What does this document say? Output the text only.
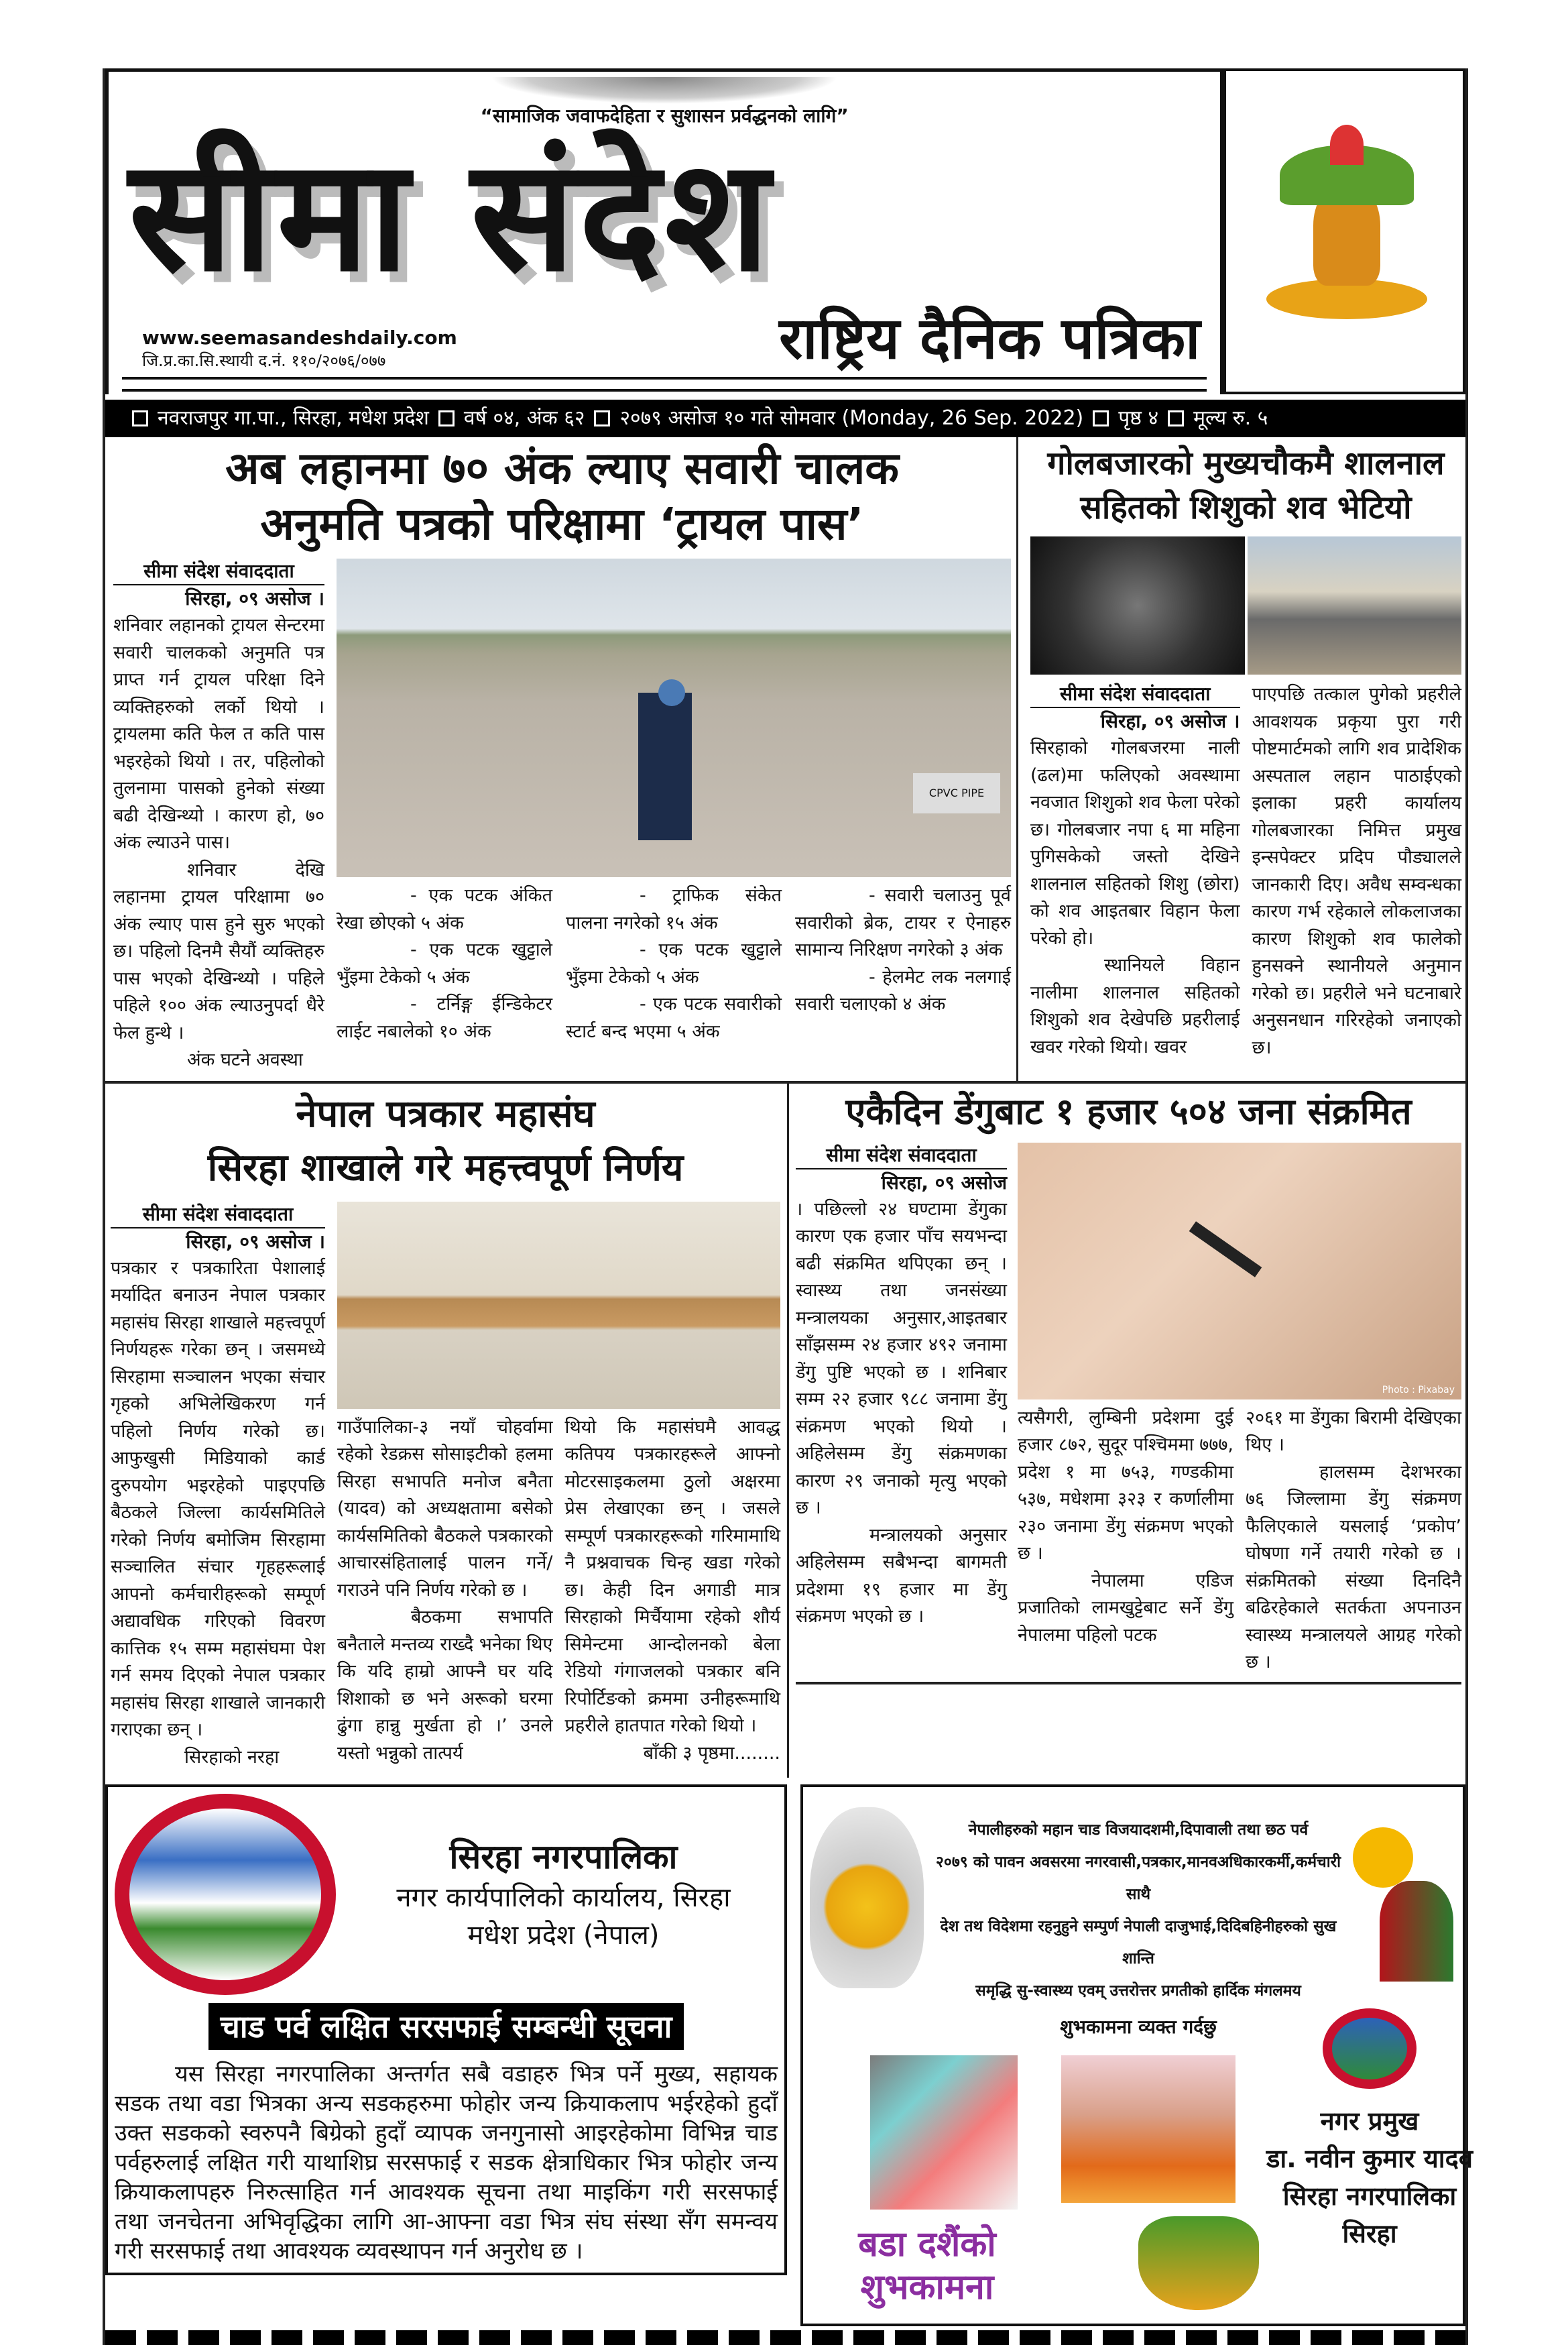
“सामाजिक जवाफदेहिता र सुशासन प्रर्वद्धनको लागि”
सीमा संदेश
www.seemasandeshdaily.com
जि.प्र.का.सि.स्थायी द.नं. ११०/२०७६/०७७	राष्ट्रिय दैनिक पत्रिका
नवराजपुर गा.पा., सिरहा, मधेश प्रदेश वर्ष ०४, अंक ६२ २०७९ असोज १० गते सोमवार (Monday, 26 Sep. 2022) पृष्ठ ४ मूल्य रु. ५
अब लहानमा ७० अंक ल्याए सवारी चालक
अनुमति पत्रको परिक्षामा ‘ट्रायल पास’
सीमा संदेश संवाददाता
सिरहा, ०९ असोज ।

शनिवार लहानको ट्रायल सेन्टरमा सवारी चालकको अनुमति पत्र प्राप्त गर्न ट्रायल परिक्षा दिने व्यक्तिहरुको लर्को थियो । ट्रायलमा कति फेल त कति पास भइरहेको थियो । तर, पहिलोको तुलनामा पासको हुनेको संख्या बढी देखिन्थ्यो । कारण हो, ७० अंक ल्याउने पास।

शनिवार देखि लहानमा ट्रायल परिक्षामा ७० अंक ल्याए पास हुने सुरु भएको छ। पहिलो दिनमै सैयौं व्यक्तिहरु पास भएको देखिन्थ्यो । पहिले पहिले १०० अंक ल्याउनुपर्दा धैरे फेल हुन्थे ।

अंक घटने अवस्था

CPVC PIPE

- एक पटक अंकित रेखा छोएको ५ अंक

- एक पटक खुट्टाले भुँइमा टेकेको ५ अंक

- टर्निङ्ग ईन्डिकेटर लाईट नबालेको १० अंक

- ट्राफिक संकेत पालना नगरेको १५ अंक

- एक पटक खुट्टाले भुँइमा टेकेको ५ अंक

- एक पटक सवारीको स्टार्ट बन्द भएमा ५ अंक

- सवारी चलाउनु पूर्व सवारीको ब्रेक, टायर र ऐनाहरु सामान्य निरिक्षण नगरेको ३ अंक

- हेलमेट लक नलगाई सवारी चलाएको ४ अंक

गोलबजारको मुख्यचौकमै शालनाल
सहितको शिशुको शव भेटियो
सीमा संदेश संवाददाता
सिरहा, ०९ असोज ।

सिरहाको गोलबजरमा नाली (ढल)मा फलिएको अवस्थामा नवजात शिशुको शव फेला परेको छ। गोलबजार नपा ६ मा महिना पुगिसकेको जस्तो देखिने शालनाल सहितको शिशु (छोरा) को शव आइतबार विहान फेला परेको हो।

स्थानियले विहान नालीमा शालनाल सहितको शिशुको शव देखेपछि प्रहरीलाई खवर गरेको थियो। खवर

पाएपछि तत्काल पुगेको प्रहरीले आवशयक प्रकृया पुरा गरी पोष्टमार्टमको लागि शव प्रादेशिक अस्पताल लहान पाठाईएको इलाका प्रहरी कार्यालय गोलबजारका निमित्त प्रमुख इन्सपेक्टर प्रदिप पौड्यालले जानकारी दिए। अवैध सम्वन्धका कारण गर्भ रहेकाले लोकलाजका कारण शिशुको शव फालेको हुनसक्ने स्थानीयले अनुमान गरेको छ। प्रहरीले भने घटनाबारे अनुसनधान गरिरहेको जनाएको छ।

नेपाल पत्रकार महासंघ
सिरहा शाखाले गरे महत्त्वपूर्ण निर्णय
सीमा संदेश संवाददाता
सिरहा, ०९ असोज ।

पत्रकार र पत्रकारिता पेशालाई मर्यादित बनाउन नेपाल पत्रकार महासंघ सिरहा शाखाले महत्त्वपूर्ण निर्णयहरू गरेका छन् । जसमध्ये सिरहामा सञ्चालन भएका संचार गृहको अभिलेखिकरण गर्न पहिलो निर्णय गरेको छ। आफुखुसी मिडियाको कार्ड दुरुपयोग भइरहेको पाइएपछि बैठकले जिल्ला कार्यसमितिले गरेको निर्णय बमोजिम सिरहामा सञ्चालित संचार गृहहरूलाई आपनो कर्मचारीहरूको सम्पूर्ण अद्यावधिक गरिएको विवरण कात्तिक १५ सम्म महासंघमा पेश गर्न समय दिएको नेपाल पत्रकार महासंघ सिरहा शाखाले जानकारी गराएका छन् ।

सिरहाको नरहा

गाउँपालिका-३ नयाँ चोहर्वामा रहेको रेडक्रस सोसाइटीको हलमा सिरहा सभापति मनोज बनैता (यादव) को अध्यक्षतामा बसेको कार्यसमितिको बैठकले पत्रकारको आचारसंहितालाई पालन गर्ने/गराउने पनि निर्णय गरेको छ ।

बैठकमा सभापति बनैताले मन्तव्य राख्दै भनेका थिए कि यदि हाम्रो आफ्नै घर यदि शिशाको छ भने अरूको घरमा ढुंगा हान्नु मुर्खता हो ।’ उनले यस्तो भन्नुको तात्पर्य

थियो कि महासंघमै आवद्ध कतिपय पत्रकारहरूले आफ्नो मोटरसाइकलमा ठुलो अक्षरमा प्रेस लेखाएका छन् । जसले सम्पूर्ण पत्रकारहरूको गरिमामाथि नै प्रश्नवाचक चिन्ह खडा गरेको छ। केही दिन अगाडी मात्र सिरहाको मिर्चैयामा रहेको शौर्य सिमेन्टमा आन्दोलनको बेला रेडियो गंगाजलको पत्रकार बनि रिपोर्टिङको क्रममा उनीहरूमाथि प्रहरीले हातपात गरेको थियो ।

बाँकी ३ पृष्ठमा........
एकैदिन डेंगुबाट १ हजार ५०४ जना संक्रमित
सीमा संदेश संवाददाता
सिरहा, ०९ असोज

। पछिल्लो २४ घण्टामा डेंगुका कारण एक हजार पाँच सयभन्दा बढी संक्रमित थपिएका छन् । स्वास्थ्य तथा जनसंख्या मन्त्रालयका अनुसार,आइतबार साँझसम्म २४ हजार ४९२ जनामा डेंगु पुष्टि भएको छ । शनिबार सम्म २२ हजार ९८८ जनामा डेंगु संक्रमण भएको थियो । अहिलेसम्म डेंगु संक्रमणका कारण २९ जनाको मृत्यु भएको छ ।

मन्त्रालयको अनुसार अहिलेसम्म सबैभन्दा बागमती प्रदेशमा १९ हजार मा डेंगु संक्रमण भएको छ ।

Photo : Pixabay

त्यसैगरी, लुम्बिनी प्रदेशमा दुई हजार ८७२, सुदूर पश्चिममा ७७७, प्रदेश १ मा ७५३, गण्डकीमा ५३७, मधेशमा ३२३ र कर्णालीमा २३० जनामा डेंगु संक्रमण भएको छ ।

नेपालमा एडिज प्रजातिको लामखुट्टेबाट सर्ने डेंगु नेपालमा पहिलो पटक

२०६१ मा डेंगुका बिरामी देखिएका थिए ।

हालसम्म देशभरका ७६ जिल्लामा डेंगु संक्रमण फैलिएकाले यसलाई ‘प्रकोप’ घोषणा गर्ने तयारी गरेको छ । संक्रमितको संख्या दिनदिनै बढिरहेकाले सतर्कता अपनाउन स्वास्थ्य मन्त्रालयले आग्रह गरेको छ ।

सिरहा नगरपालिका
नगर कार्यपालिको कार्यालय, सिरहा
मधेश प्रदेश (नेपाल)
चाड पर्व लक्षित सरसफाई सम्बन्धी सूचना
यस सिरहा नगरपालिका अन्तर्गत सबै वडाहरु भित्र पर्ने मुख्य, सहायक सडक तथा वडा भित्रका अन्य सडकहरुमा फोहोर जन्य क्रियाकलाप भईरहेको हुदाँ उक्त सडकको स्वरुपनै बिग्रेको हुदाँ व्यापक जनगुनासो आइरहेकोमा विभिन्न चाड पर्वहरुलाई लक्षित गरी याथाशिघ्र सरसफाई र सडक क्षेत्राधिकार भित्र फोहोर जन्य क्रियाकलापहरु निरुत्साहित गर्न आवश्यक सूचना तथा माइकिंग गरी सरसफाई तथा जनचेतना अभिवृद्धिका लागि आ-आफ्ना वडा भित्र संघ संस्था सँग समन्वय गरी सरसफाई तथा आवश्यक व्यवस्थापन गर्न अनुरोध छ ।
नेपालीहरुको महान चाड विजयादशमी,दिपावाली तथा छठ पर्व
२०७९ को पावन अवसरमा नगरवासी,पत्रकार,मानवअधिकारकर्मी,कर्मचारी साथै
देश तथ विदेशमा रहनुहुने सम्पुर्ण नेपाली दाजुभाई,दिदिबहिनीहरुको सुख शान्ति
समृद्धि सु-स्वास्थ्य एवम् उत्तरोत्तर प्रगतीको हार्दिक मंगलमय
शुभकामना व्यक्त गर्दछु
बडा दशैंको शुभकामना
नगर प्रमुख
डा. नवीन कुमार यादव
सिरहा नगरपालिका
सिरहा
